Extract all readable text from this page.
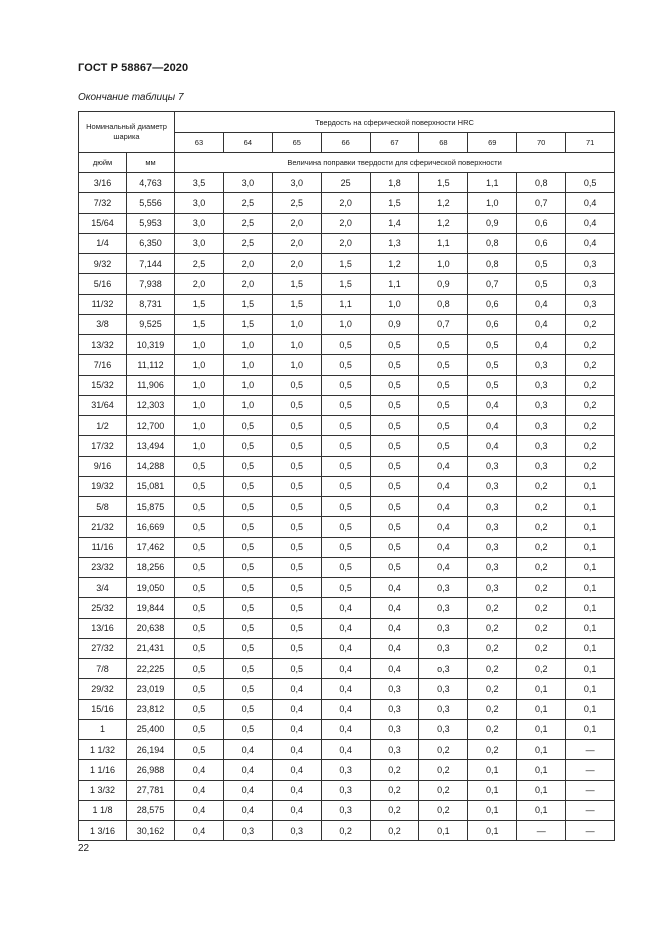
ГОСТ Р 58867—2020
Окончание таблицы 7
Номинальный диаметр шарика		Твердость на сферической поверхности HRC								
		63	64	65	66	67	68	69	70	71
дюйм	мм	Величина поправки твердости для сферической поверхности								
3/16	4,763	3,5	3,0	3,0	25	1,8	1,5	1,1	0,8	0,5
7/32	5,556	3,0	2,5	2,5	2,0	1,5	1,2	1,0	0,7	0,4
15/64	5,953	3,0	2,5	2,0	2,0	1,4	1,2	0,9	0,6	0,4
1/4	6,350	3,0	2,5	2,0	2,0	1,3	1,1	0,8	0,6	0,4
9/32	7,144	2,5	2,0	2,0	1,5	1,2	1,0	0,8	0,5	0,3
5/16	7,938	2,0	2,0	1,5	1,5	1,1	0,9	0,7	0,5	0,3
11/32	8,731	1,5	1,5	1,5	1,1	1,0	0,8	0,6	0,4	0,3
3/8	9,525	1,5	1,5	1,0	1,0	0,9	0,7	0,6	0,4	0,2
13/32	10,319	1,0	1,0	1,0	0,5	0,5	0,5	0,5	0,4	0,2
7/16	11,112	1,0	1,0	1,0	0,5	0,5	0,5	0,5	0,3	0,2
15/32	11,906	1,0	1,0	0,5	0,5	0,5	0,5	0,5	0,3	0,2
31/64	12,303	1,0	1,0	0,5	0,5	0,5	0,5	0,4	0,3	0,2
1/2	12,700	1,0	0,5	0,5	0,5	0,5	0,5	0,4	0,3	0,2
17/32	13,494	1,0	0,5	0,5	0,5	0,5	0,5	0,4	0,3	0,2
9/16	14,288	0,5	0,5	0,5	0,5	0,5	0,4	0,3	0,3	0,2
19/32	15,081	0,5	0,5	0,5	0,5	0,5	0,4	0,3	0,2	0,1
5/8	15,875	0,5	0,5	0,5	0,5	0,5	0,4	0,3	0,2	0,1
21/32	16,669	0,5	0,5	0,5	0,5	0,5	0,4	0,3	0,2	0,1
11/16	17,462	0,5	0,5	0,5	0,5	0,5	0,4	0,3	0,2	0,1
23/32	18,256	0,5	0,5	0,5	0,5	0,5	0,4	0,3	0,2	0,1
3/4	19,050	0,5	0,5	0,5	0,5	0,4	0,3	0,3	0,2	0,1
25/32	19,844	0,5	0,5	0,5	0,4	0,4	0,3	0,2	0,2	0,1
13/16	20,638	0,5	0,5	0,5	0,4	0,4	0,3	0,2	0,2	0,1
27/32	21,431	0,5	0,5	0,5	0,4	0,4	0,3	0,2	0,2	0,1
7/8	22,225	0,5	0,5	0,5	0,4	0,4	о,3	0,2	0,2	0,1
29/32	23,019	0,5	0,5	0,4	0,4	0,3	0,3	0,2	0,1	0,1
15/16	23,812	0,5	0,5	0,4	0,4	0,3	0,3	0,2	0,1	0,1
1	25,400	0,5	0,5	0,4	0,4	0,3	0,3	0,2	0,1	0,1
1 1/32	26,194	0,5	0,4	0,4	0,4	0,3	0,2	0,2	0,1	—
1 1/16	26,988	0,4	0,4	0,4	0,3	0,2	0,2	0,1	0,1	—
1 3/32	27,781	0,4	0,4	0,4	0,3	0,2	0,2	0,1	0,1	—
1 1/8	28,575	0,4	0,4	0,4	0,3	0,2	0,2	0,1	0,1	—
1 3/16	30,162	0,4	0,3	0,3	0,2	0,2	0,1	0,1	—	—
22
